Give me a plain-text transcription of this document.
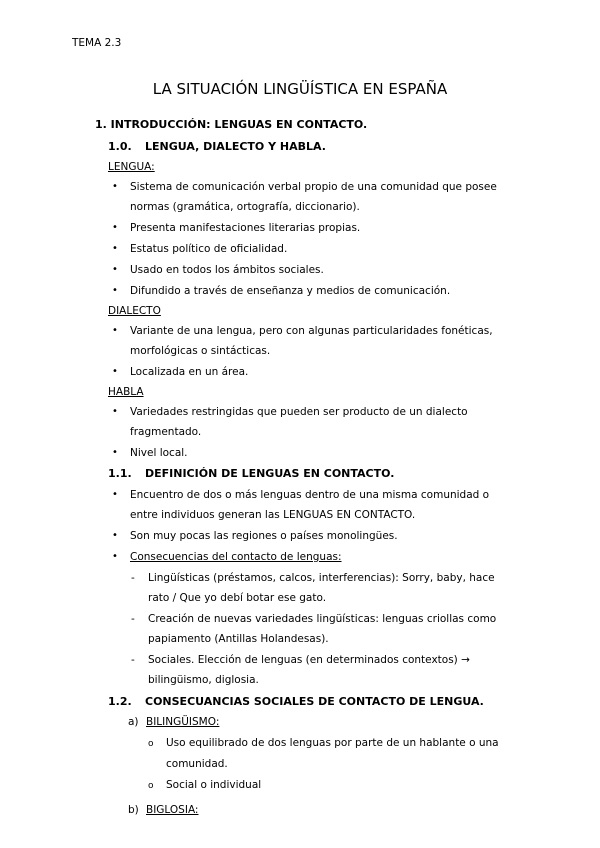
TEMA 2.3
LA SITUACIÓN LINGÜÍSTICA EN ESPAÑA
1. INTRODUCCIÓN: LENGUAS EN CONTACTO.
1.0. LENGUA, DIALECTO Y HABLA.
LENGUA:
• Sistema de comunicación verbal propio de una comunidad que posee
normas (gramática, ortografía, diccionario).
• Presenta manifestaciones literarias propias.
• Estatus político de oficialidad.
• Usado en todos los ámbitos sociales.
• Difundido a través de enseñanza y medios de comunicación.
DIALECTO
• Variante de una lengua, pero con algunas particularidades fonéticas,
morfológicas o sintácticas.
• Localizada en un área.
HABLA
• Variedades restringidas que pueden ser producto de un dialecto
fragmentado.
• Nivel local.
1.1. DEFINICIÓN DE LENGUAS EN CONTACTO.
• Encuentro de dos o más lenguas dentro de una misma comunidad o
entre individuos generan las LENGUAS EN CONTACTO.
• Son muy pocas las regiones o países monolingües.
• Consecuencias del contacto de lenguas:
- Lingüísticas (préstamos, calcos, interferencias): Sorry, baby, hace
rato / Que yo debí botar ese gato.
- Creación de nuevas variedades lingüísticas: lenguas criollas como
papiamento (Antillas Holandesas).
- Sociales. Elección de lenguas (en determinados contextos) →
bilingüismo, diglosia.
1.2. CONSECUANCIAS SOCIALES DE CONTACTO DE LENGUA.
a) BILINGÜISMO:
o Uso equilibrado de dos lenguas por parte de un hablante o una
comunidad.
o Social o individual
b) BIGLOSIA:
